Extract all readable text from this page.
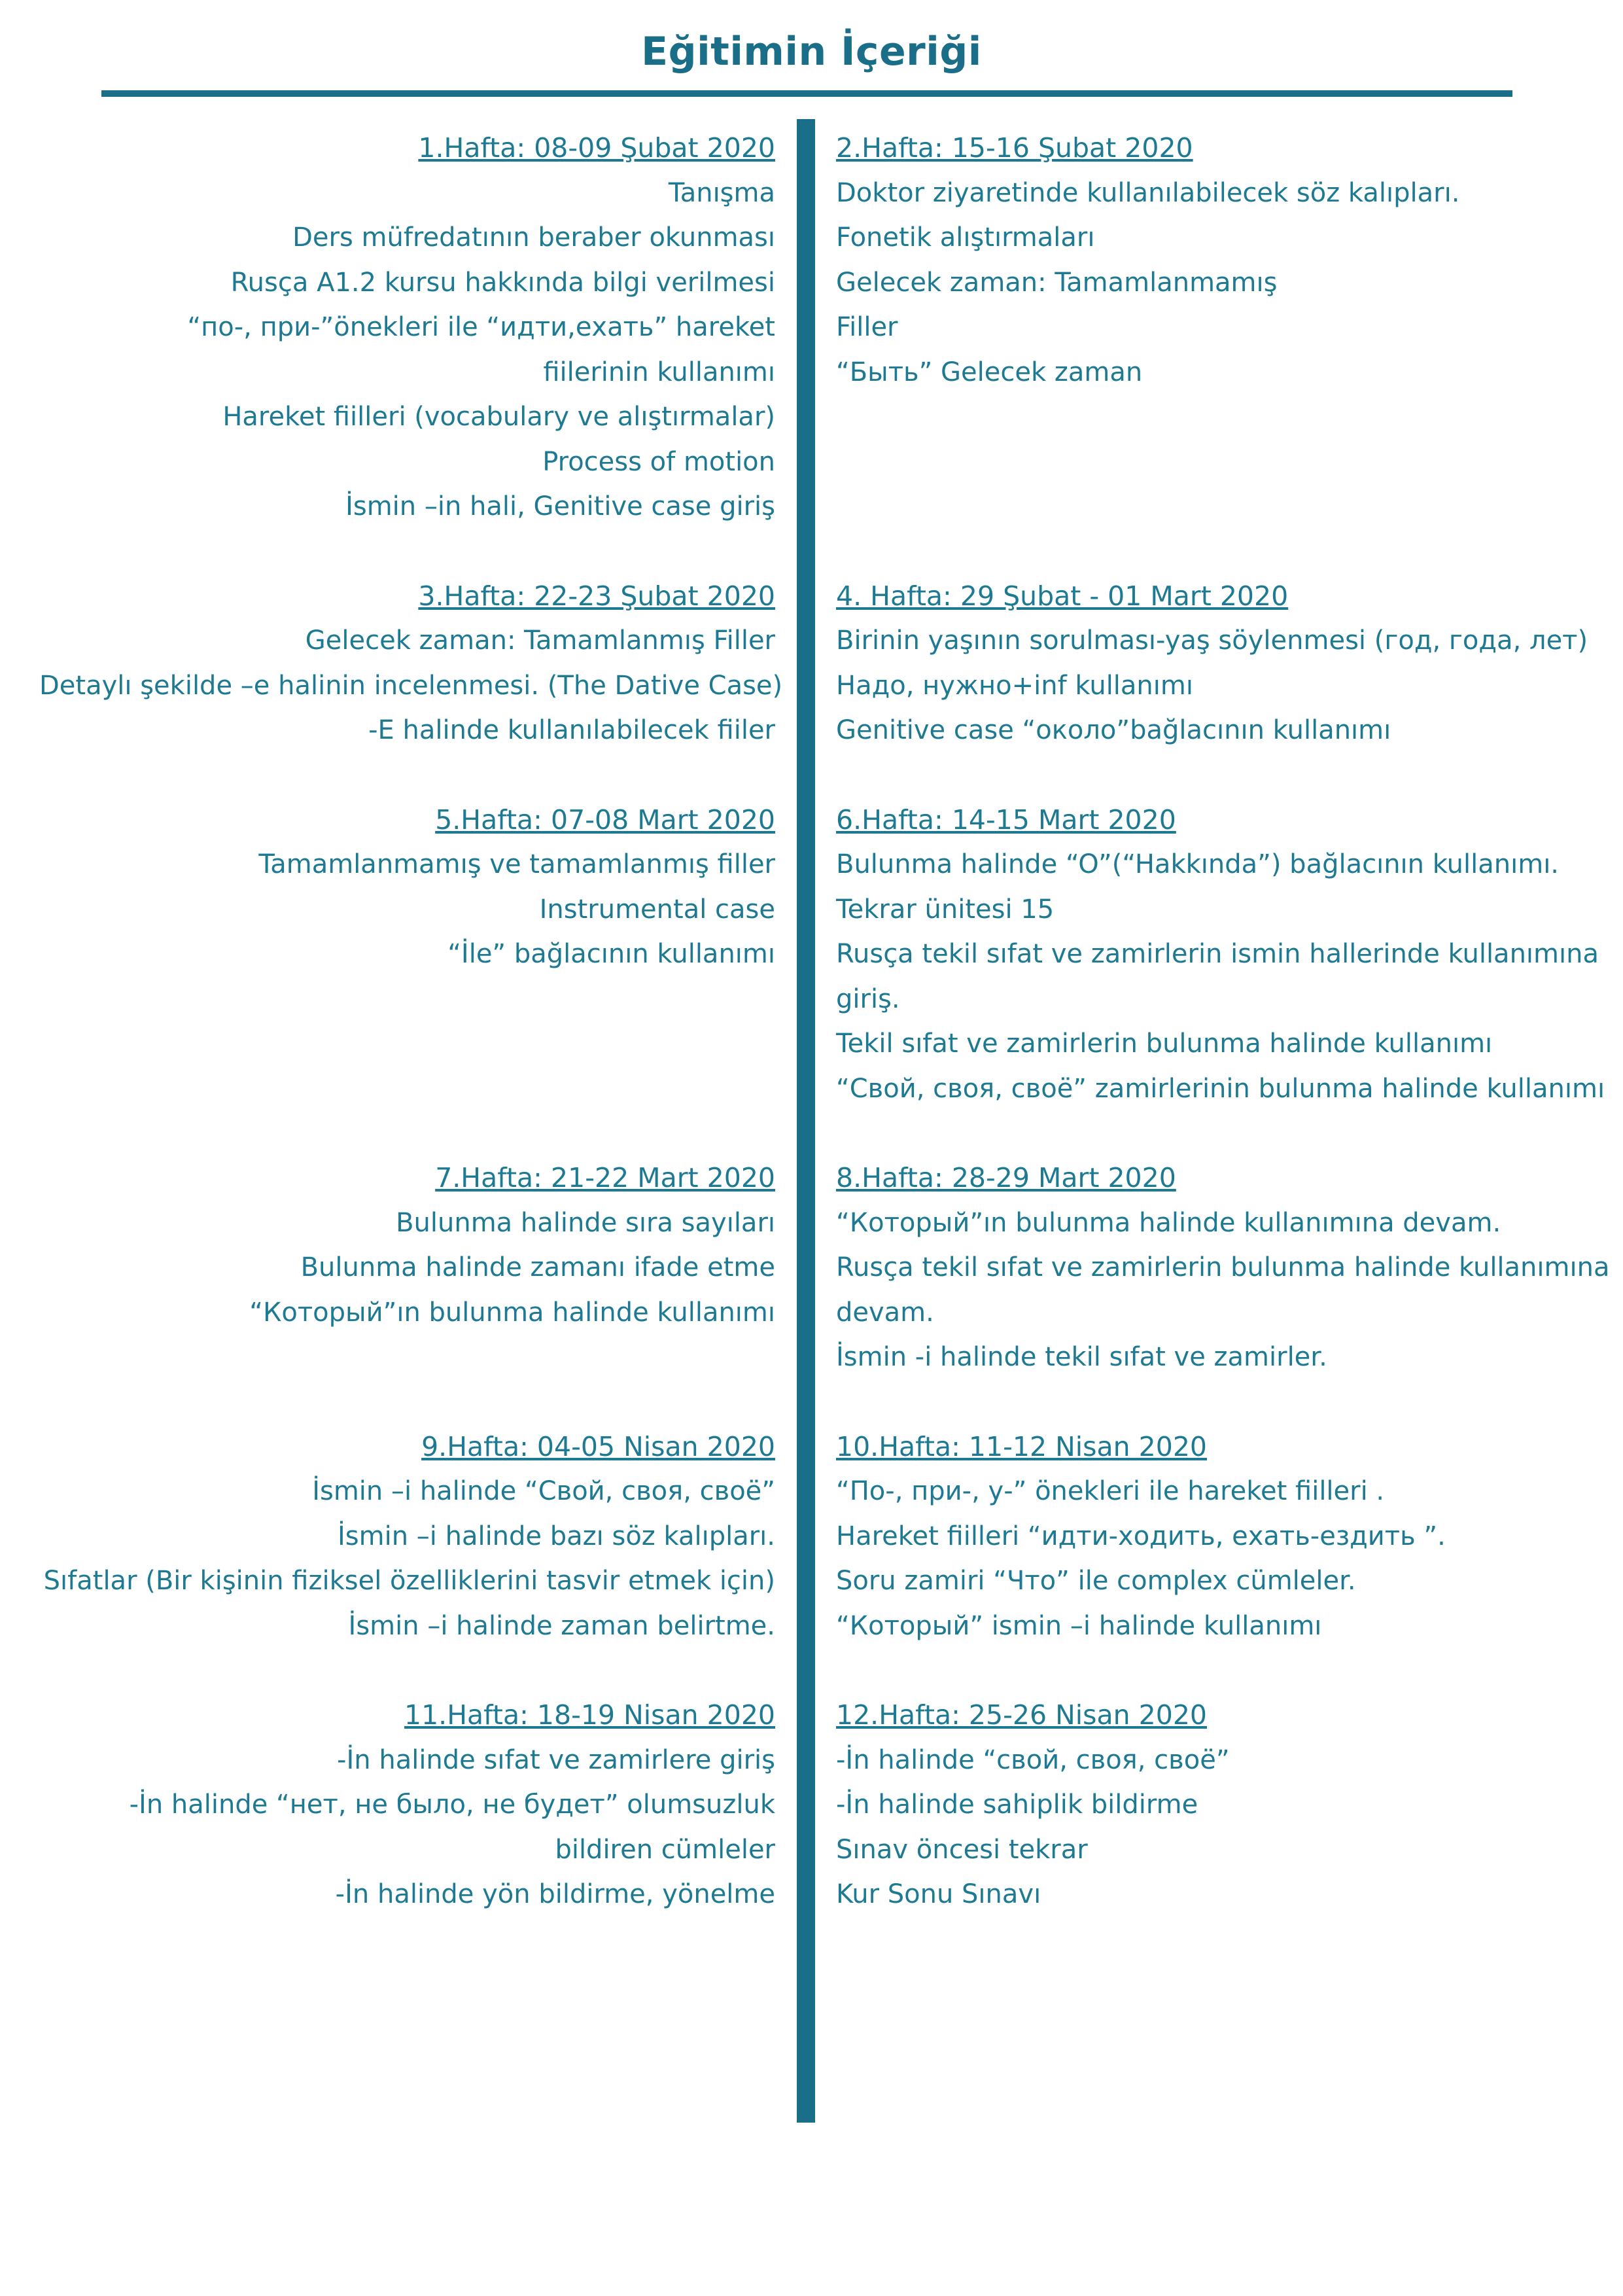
Eğitimin İçeriği

1.Hafta: 08-09 Şubat 2020

Tanışma

Ders müfredatının beraber okunması

Rusça A1.2 kursu hakkında bilgi verilmesi

“по-, при-”önekleri ile “идти,ехать” hareket

fiilerinin kullanımı

Hareket fiilleri (vocabulary ve alıştırmalar)

Process of motion

İsmin –in hali, Genitive case giriş

3.Hafta: 22-23 Şubat 2020

Gelecek zaman: Tamamlanmış Filler

Detaylı şekilde –e halinin incelenmesi. (The Dative Case)

-E halinde kullanılabilecek fiiler

5.Hafta: 07-08 Mart 2020

Tamamlanmamış ve tamamlanmış filler

Instrumental case

“İle” bağlacının kullanımı

7.Hafta: 21-22 Mart 2020

Bulunma halinde sıra sayıları

Bulunma halinde zamanı ifade etme

“Который”ın bulunma halinde kullanımı

9.Hafta: 04-05 Nisan 2020

İsmin –i halinde “Свой, своя, своё”

İsmin –i halinde bazı söz kalıpları.

Sıfatlar (Bir kişinin fiziksel özelliklerini tasvir etmek için)

İsmin –i halinde zaman belirtme.

11.Hafta: 18-19 Nisan 2020

-İn halinde sıfat ve zamirlere giriş

-İn halinde “нет, не было, не будет” olumsuzluk

bildiren cümleler

-İn halinde yön bildirme, yönelme

2.Hafta: 15-16 Şubat 2020

Doktor ziyaretinde kullanılabilecek söz kalıpları.

Fonetik alıştırmaları

Gelecek zaman: Tamamlanmamış

Filler

“Быть” Gelecek zaman

4. Hafta: 29 Şubat - 01 Mart 2020

Birinin yaşının sorulması-yaş söylenmesi (год, года, лет)

Надо, нужно+inf kullanımı

Genitive case “около”bağlacının kullanımı

6.Hafta: 14-15 Mart 2020

Bulunma halinde “O”(“Hakkında”) bağlacının kullanımı.

Tekrar ünitesi 15

Rusça tekil sıfat ve zamirlerin ismin hallerinde kullanımına

giriş.

Tekil sıfat ve zamirlerin bulunma halinde kullanımı

“Свой, своя, своё” zamirlerinin bulunma halinde kullanımı

8.Hafta: 28-29 Mart 2020

“Который”ın bulunma halinde kullanımına devam.

Rusça tekil sıfat ve zamirlerin bulunma halinde kullanımına

devam.

İsmin -i halinde tekil sıfat ve zamirler.

10.Hafta: 11-12 Nisan 2020

“По-, при-, у-” önekleri ile hareket fiilleri .

Hareket fiilleri “идти-ходить, ехать-ездить ”.

Soru zamiri “Что” ile complex cümleler.

“Который” ismin –i halinde kullanımı

12.Hafta: 25-26 Nisan 2020

-İn halinde “свой, своя, своё”

-İn halinde sahiplik bildirme

Sınav öncesi tekrar

Kur Sonu Sınavı
